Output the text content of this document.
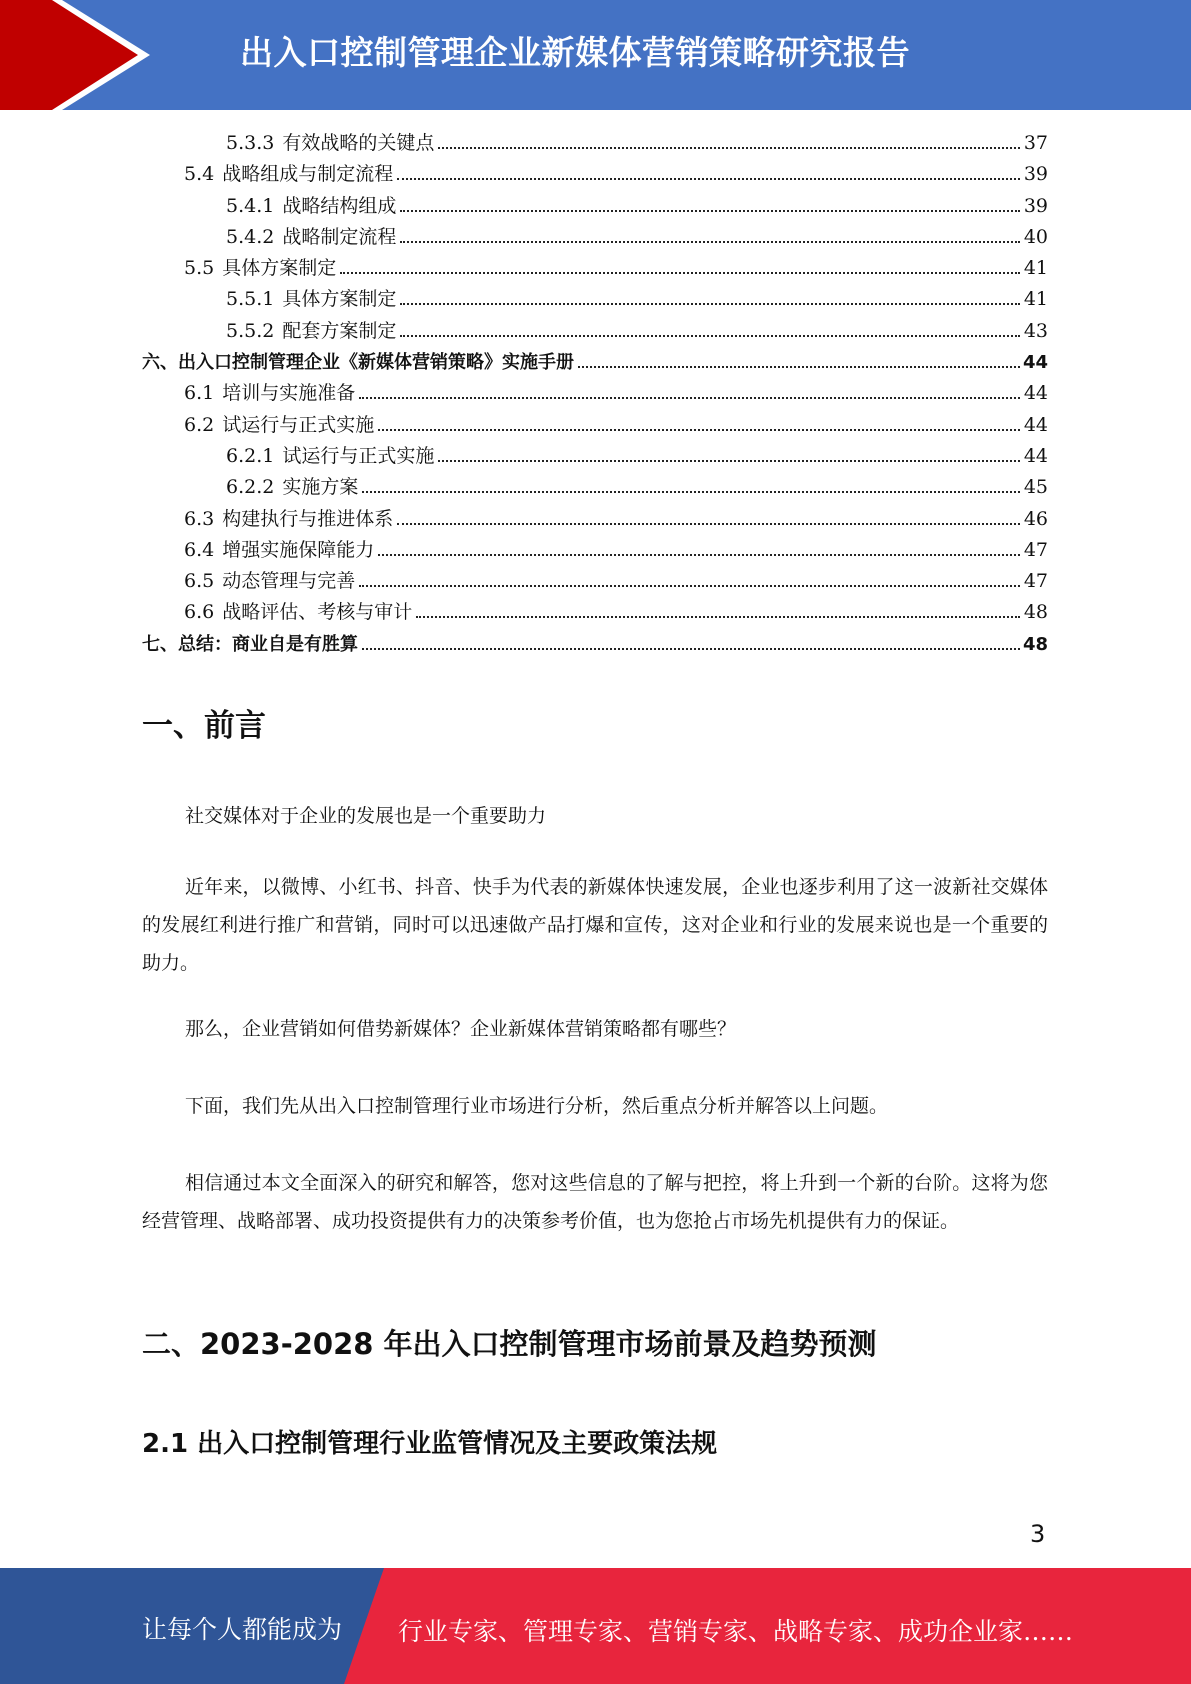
出入口控制管理企业新媒体营销策略研究报告
5.3.3 有效战略的关键点	37
5.4 战略组成与制定流程	39
5.4.1 战略结构组成	39
5.4.2 战略制定流程	40
5.5 具体方案制定	41
5.5.1 具体方案制定	41
5.5.2 配套方案制定	43
六、出入口控制管理企业《新媒体营销策略》实施手册	44
6.1 培训与实施准备	44
6.2 试运行与正式实施	44
6.2.1 试运行与正式实施	44
6.2.2 实施方案	45
6.3 构建执行与推进体系	46
6.4 增强实施保障能力	47
6.5 动态管理与完善	47
6.6 战略评估、考核与审计	48
七、总结：商业自是有胜算	48
一、前言

社交媒体对于企业的发展也是一个重要助力

近年来，以微博、小红书、抖音、快手为代表的新媒体快速发展，企业也逐步利用了这一波新社交媒体的发展红利进行推广和营销，同时可以迅速做产品打爆和宣传，这对企业和行业的发展来说也是一个重要的助力。

那么，企业营销如何借势新媒体？企业新媒体营销策略都有哪些？

下面，我们先从出入口控制管理行业市场进行分析，然后重点分析并解答以上问题。

相信通过本文全面深入的研究和解答，您对这些信息的了解与把控，将上升到一个新的台阶。这将为您经营管理、战略部署、成功投资提供有力的决策参考价值，也为您抢占市场先机提供有力的保证。

二、2023-2028 年出入口控制管理市场前景及趋势预测
2.1 出入口控制管理行业监管情况及主要政策法规
3
让每个人都能成为 行业专家、管理专家、营销专家、战略专家、成功企业家……
